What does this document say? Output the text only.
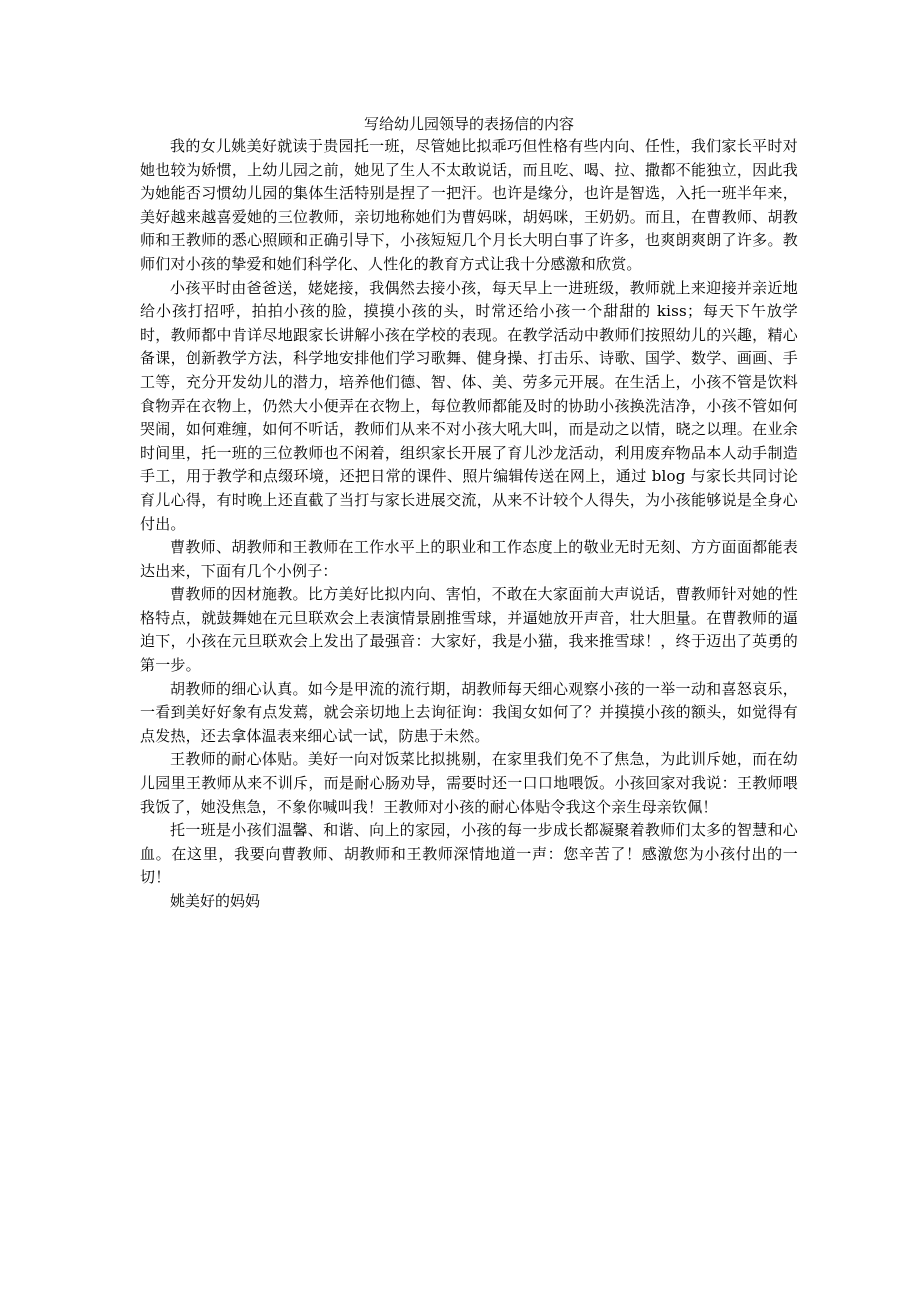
写给幼儿园领导的表扬信的内容

我的女儿姚美好就读于贵园托一班，尽管她比拟乖巧但性格有些内向、任性，我们家长平时对她也较为娇惯，上幼儿园之前，她见了生人不太敢说话，而且吃、喝、拉、撒都不能独立，因此我为她能否习惯幼儿园的集体生活特别是捏了一把汗。也许是缘分，也许是智选，入托一班半年来，美好越来越喜爱她的三位教师，亲切地称她们为曹妈咪，胡妈咪，王奶奶。而且，在曹教师、胡教师和王教师的悉心照顾和正确引导下，小孩短短几个月长大明白事了许多，也爽朗爽朗了许多。教师们对小孩的挚爱和她们科学化、人性化的教育方式让我十分感激和欣赏。

小孩平时由爸爸送，姥姥接，我偶然去接小孩，每天早上一进班级，教师就上来迎接并亲近地给小孩打招呼，拍拍小孩的脸，摸摸小孩的头，时常还给小孩一个甜甜的 kiss；每天下午放学时，教师都中肯详尽地跟家长讲解小孩在学校的表现。在教学活动中教师们按照幼儿的兴趣，精心备课，创新教学方法，科学地安排他们学习歌舞、健身操、打击乐、诗歌、国学、数学、画画、手工等，充分开发幼儿的潜力，培养他们德、智、体、美、劳多元开展。在生活上，小孩不管是饮料食物弄在衣物上，仍然大小便弄在衣物上，每位教师都能及时的协助小孩换洗洁净，小孩不管如何哭闹，如何难缠，如何不听话，教师们从来不对小孩大吼大叫，而是动之以情，晓之以理。在业余时间里，托一班的三位教师也不闲着，组织家长开展了育儿沙龙活动，利用废弃物品本人动手制造手工，用于教学和点缀环境，还把日常的课件、照片编辑传送在网上，通过 blog 与家长共同讨论育儿心得，有时晚上还直截了当打与家长进展交流，从来不计较个人得失，为小孩能够说是全身心付出。

曹教师、胡教师和王教师在工作水平上的职业和工作态度上的敬业无时无刻、方方面面都能表达出来，下面有几个小例子：

曹教师的因材施教。比方美好比拟内向、害怕，不敢在大家面前大声说话，曹教师针对她的性格特点，就鼓舞她在元旦联欢会上表演情景剧推雪球，并逼她放开声音，壮大胆量。在曹教师的逼迫下，小孩在元旦联欢会上发出了最强音：大家好，我是小猫，我来推雪球！，终于迈出了英勇的第一步。

胡教师的细心认真。如今是甲流的流行期，胡教师每天细心观察小孩的一举一动和喜怒哀乐，一看到美好好象有点发蔫，就会亲切地上去询征询：我闺女如何了？并摸摸小孩的额头，如觉得有点发热，还去拿体温表来细心试一试，防患于未然。

王教师的耐心体贴。美好一向对饭菜比拟挑剔，在家里我们免不了焦急，为此训斥她，而在幼儿园里王教师从来不训斥，而是耐心肠劝导，需要时还一口口地喂饭。小孩回家对我说：王教师喂我饭了，她没焦急，不象你喊叫我！王教师对小孩的耐心体贴令我这个亲生母亲钦佩！

托一班是小孩们温馨、和谐、向上的家园，小孩的每一步成长都凝聚着教师们太多的智慧和心血。在这里，我要向曹教师、胡教师和王教师深情地道一声：您辛苦了！感激您为小孩付出的一切！

姚美好的妈妈
